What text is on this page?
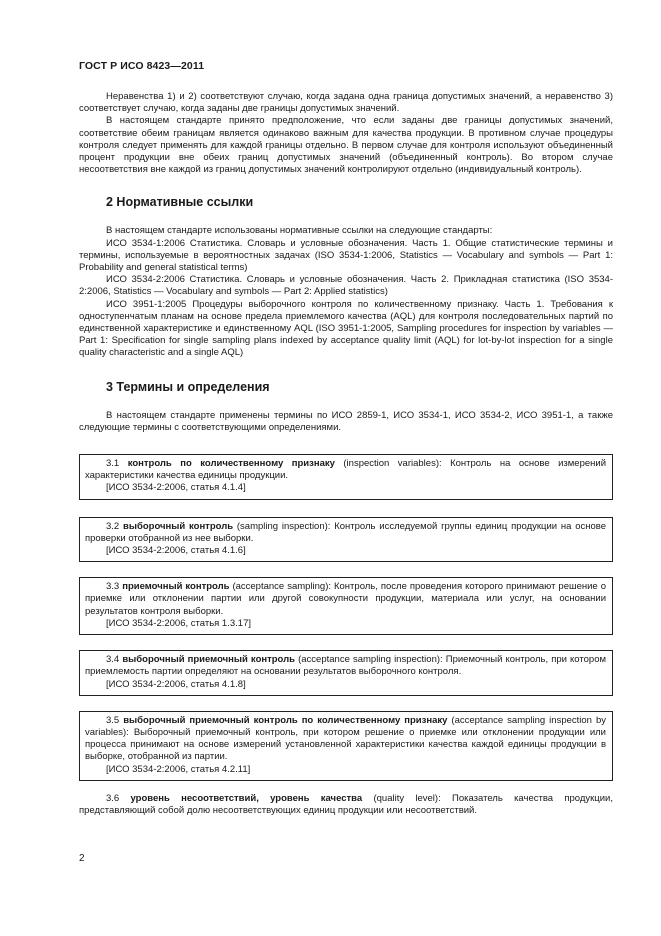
ГОСТ Р ИСО 8423—2011

Неравенства 1) и 2) соответствуют случаю, когда задана одна граница допустимых значений, а неравенство 3) соответствует случаю, когда заданы две границы допустимых значений.

В настоящем стандарте принято предположение, что если заданы две границы допустимых значений, соответствие обеим границам является одинаково важным для качества продукции. В противном случае процедуры контроля следует применять для каждой границы отдельно. В первом случае для контроля используют объединенный процент продукции вне обеих границ допустимых значений (объединенный контроль). Во втором случае несоответствия вне каждой из границ допустимых значений контролируют отдельно (индивидуальный контроль).

2 Нормативные ссылки

В настоящем стандарте использованы нормативные ссылки на следующие стандарты:

ИСО 3534-1:2006 Статистика. Словарь и условные обозначения. Часть 1. Общие статистические термины и термины, используемые в вероятностных задачах (ISO 3534-1:2006, Statistics — Vocabulary and symbols — Part 1: Probability and general statistical terms)

ИСО 3534-2:2006 Статистика. Словарь и условные обозначения. Часть 2. Прикладная статистика (ISO 3534-2:2006, Statistics — Vocabulary and symbols — Part 2: Applied statistics)

ИСО 3951-1:2005 Процедуры выборочного контроля по количественному признаку. Часть 1. Требования к одноступенчатым планам на основе предела приемлемого качества (AQL) для контроля последовательных партий по единственной характеристике и единственному AQL (ISO 3951-1:2005, Sampling procedures for inspection by variables — Part 1: Specification for single sampling plans indexed by acceptance quality limit (AQL) for lot-by-lot inspection for a single quality characteristic and a single AQL)

3 Термины и определения

В настоящем стандарте применены термины по ИСО 2859-1, ИСО 3534-1, ИСО 3534-2, ИСО 3951-1, а также следующие термины с соответствующими определениями.

3.1 контроль по количественному признаку (inspection variables): Контроль на основе измерений характеристики качества единицы продукции.

[ИСО 3534-2:2006, статья 4.1.4]

3.2 выборочный контроль (sampling inspection): Контроль исследуемой группы единиц продукции на основе проверки отобранной из нее выборки.

[ИСО 3534-2:2006, статья 4.1.6]

3.3 приемочный контроль (acceptance sampling): Контроль, после проведения которого принимают решение о приемке или отклонении партии или другой совокупности продукции, материала или услуг, на основании результатов контроля выборки.

[ИСО 3534-2:2006, статья 1.3.17]

3.4 выборочный приемочный контроль (acceptance sampling inspection): Приемочный контроль, при котором приемлемость партии определяют на основании результатов выборочного контроля.

[ИСО 3534-2:2006, статья 4.1.8]

3.5 выборочный приемочный контроль по количественному признаку (acceptance sampling inspection by variables): Выборочный приемочный контроль, при котором решение о приемке или отклонении продукции или процесса принимают на основе измерений установленной характеристики качества каждой единицы продукции в выборке, отобранной из партии.

[ИСО 3534-2:2006, статья 4.2.11]

3.6 уровень несоответствий, уровень качества (quality level): Показатель качества продукции, представляющий собой долю несоответствующих единиц продукции или несоответствий.

2
